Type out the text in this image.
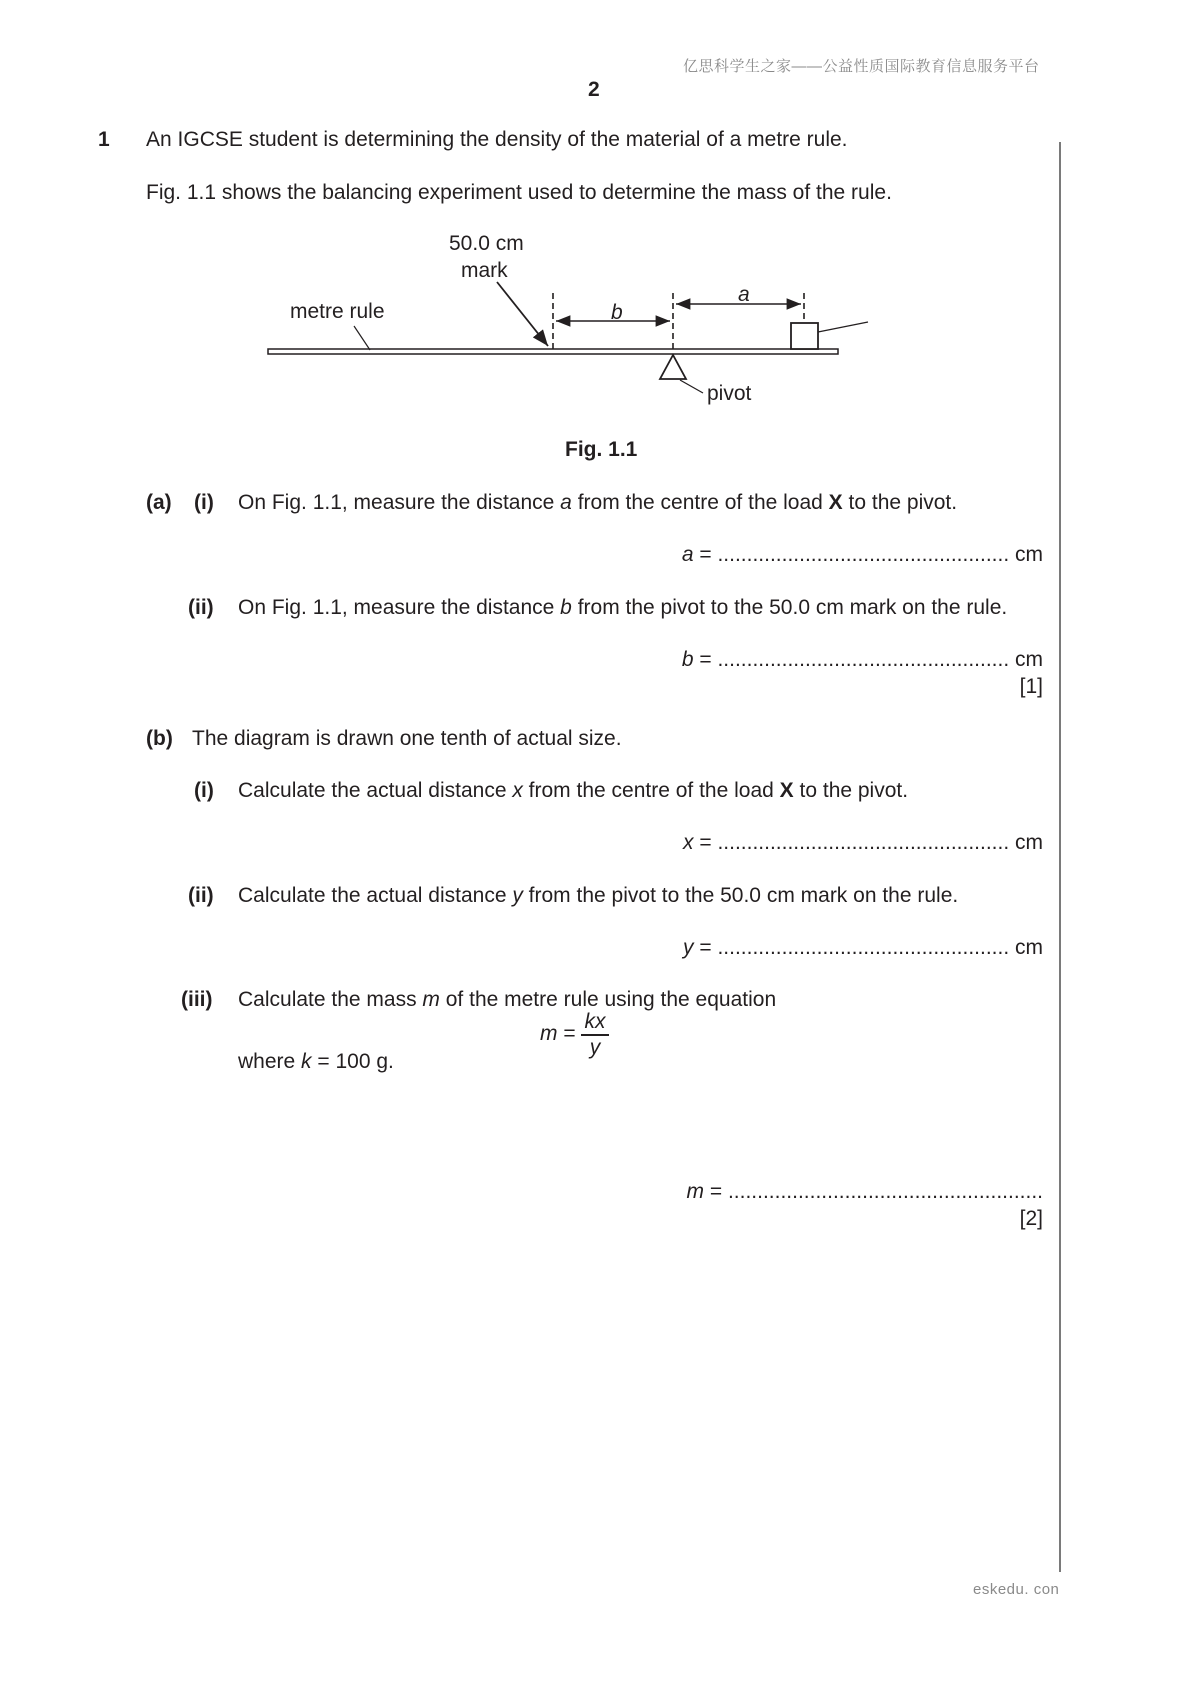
亿思科学生之家——公益性质国际教育信息服务平台
2
1 An IGCSE student is determining the density of the material of a metre rule.
Fig. 1.1 shows the balancing experiment used to determine the mass of the rule.
50.0 cm
mark
metre rule	b
a
pivot
Fig. 1.1
(a) (i) On Fig. 1.1, measure the distance a from the centre of the load X to the pivot.
a = .................................................. cm
(ii) On Fig. 1.1, measure the distance b from the pivot to the 50.0 cm mark on the rule.
b = .................................................. cm
[1]
(b) The diagram is drawn one tenth of actual size.
(i) Calculate the actual distance x from the centre of the load X to the pivot.
x = .................................................. cm
(ii) Calculate the actual distance y from the pivot to the 50.0 cm mark on the rule.
y = .................................................. cm
(iii) Calculate the mass m of the metre rule using the equation
m =
kx
y
where k = 100 g.
m = ......................................................
[2]
eskedu. con
